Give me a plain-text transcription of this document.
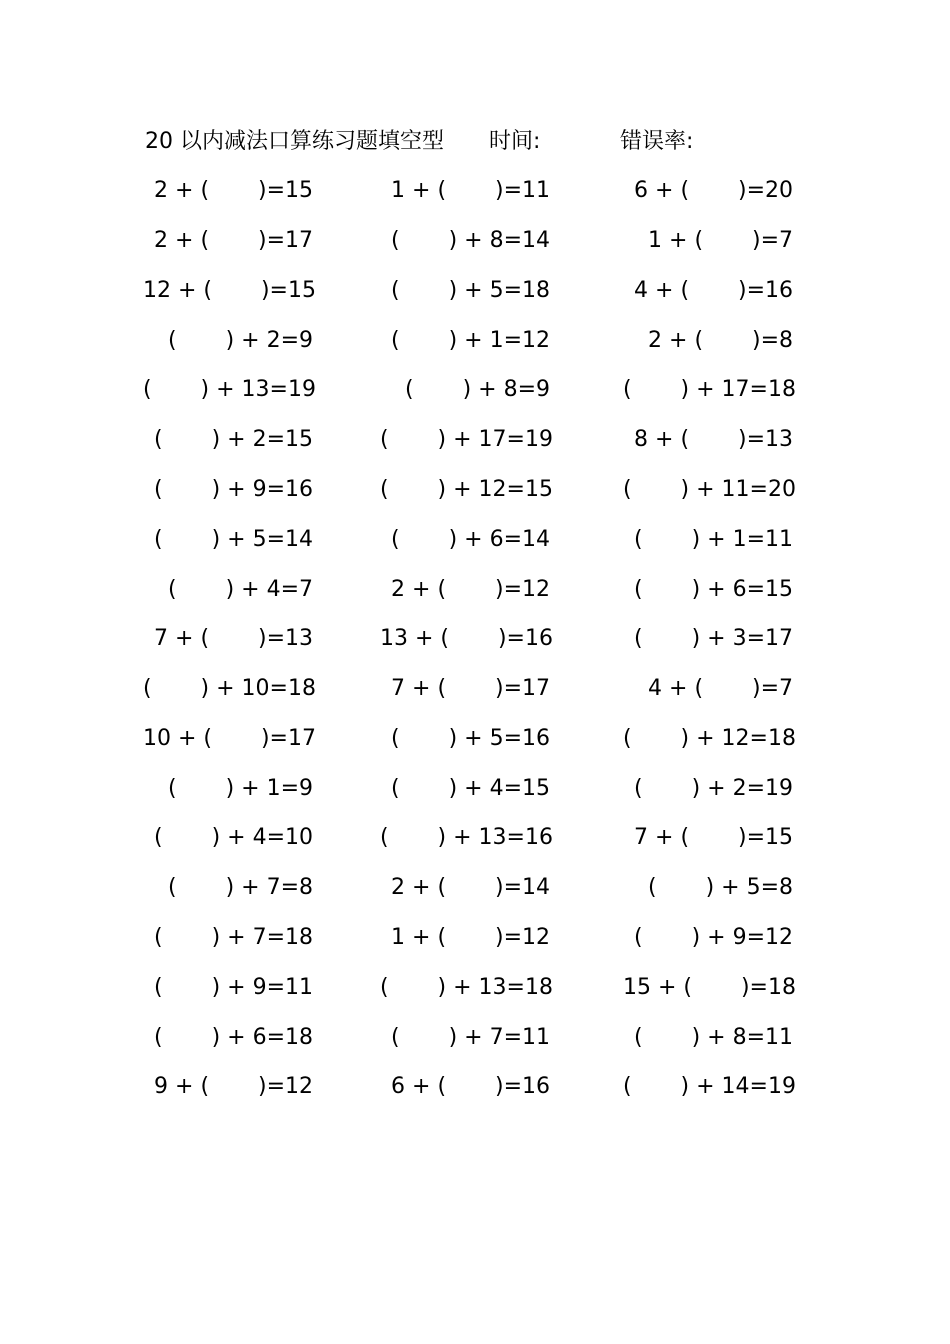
20 以内减法口算练习题填空型 时间:	错误率:
2 + (       )=15
2 + (       )=17
12 + (       )=15
(       ) + 2=9
(       ) + 13=19
(       ) + 2=15
(       ) + 9=16
(       ) + 5=14
(       ) + 4=7
7 + (       )=13
(       ) + 10=18
10 + (       )=17
(       ) + 1=9
(       ) + 4=10
(       ) + 7=8
(       ) + 7=18
(       ) + 9=11
(       ) + 6=18
9 + (       )=12
1 + (       )=11
(       ) + 8=14
(       ) + 5=18
(       ) + 1=12
(       ) + 8=9
(       ) + 17=19
(       ) + 12=15
(       ) + 6=14
2 + (       )=12
13 + (       )=16
7 + (       )=17
(       ) + 5=16
(       ) + 4=15
(       ) + 13=16
2 + (       )=14
1 + (       )=12
(       ) + 13=18
(       ) + 7=11
6 + (       )=16
6 + (       )=20
1 + (       )=7
4 + (       )=16
2 + (       )=8
(       ) + 17=18
8 + (       )=13
(       ) + 11=20
(       ) + 1=11
(       ) + 6=15
(       ) + 3=17
4 + (       )=7
(       ) + 12=18
(       ) + 2=19
7 + (       )=15
(       ) + 5=8
(       ) + 9=12
15 + (       )=18
(       ) + 8=11
(       ) + 14=19
